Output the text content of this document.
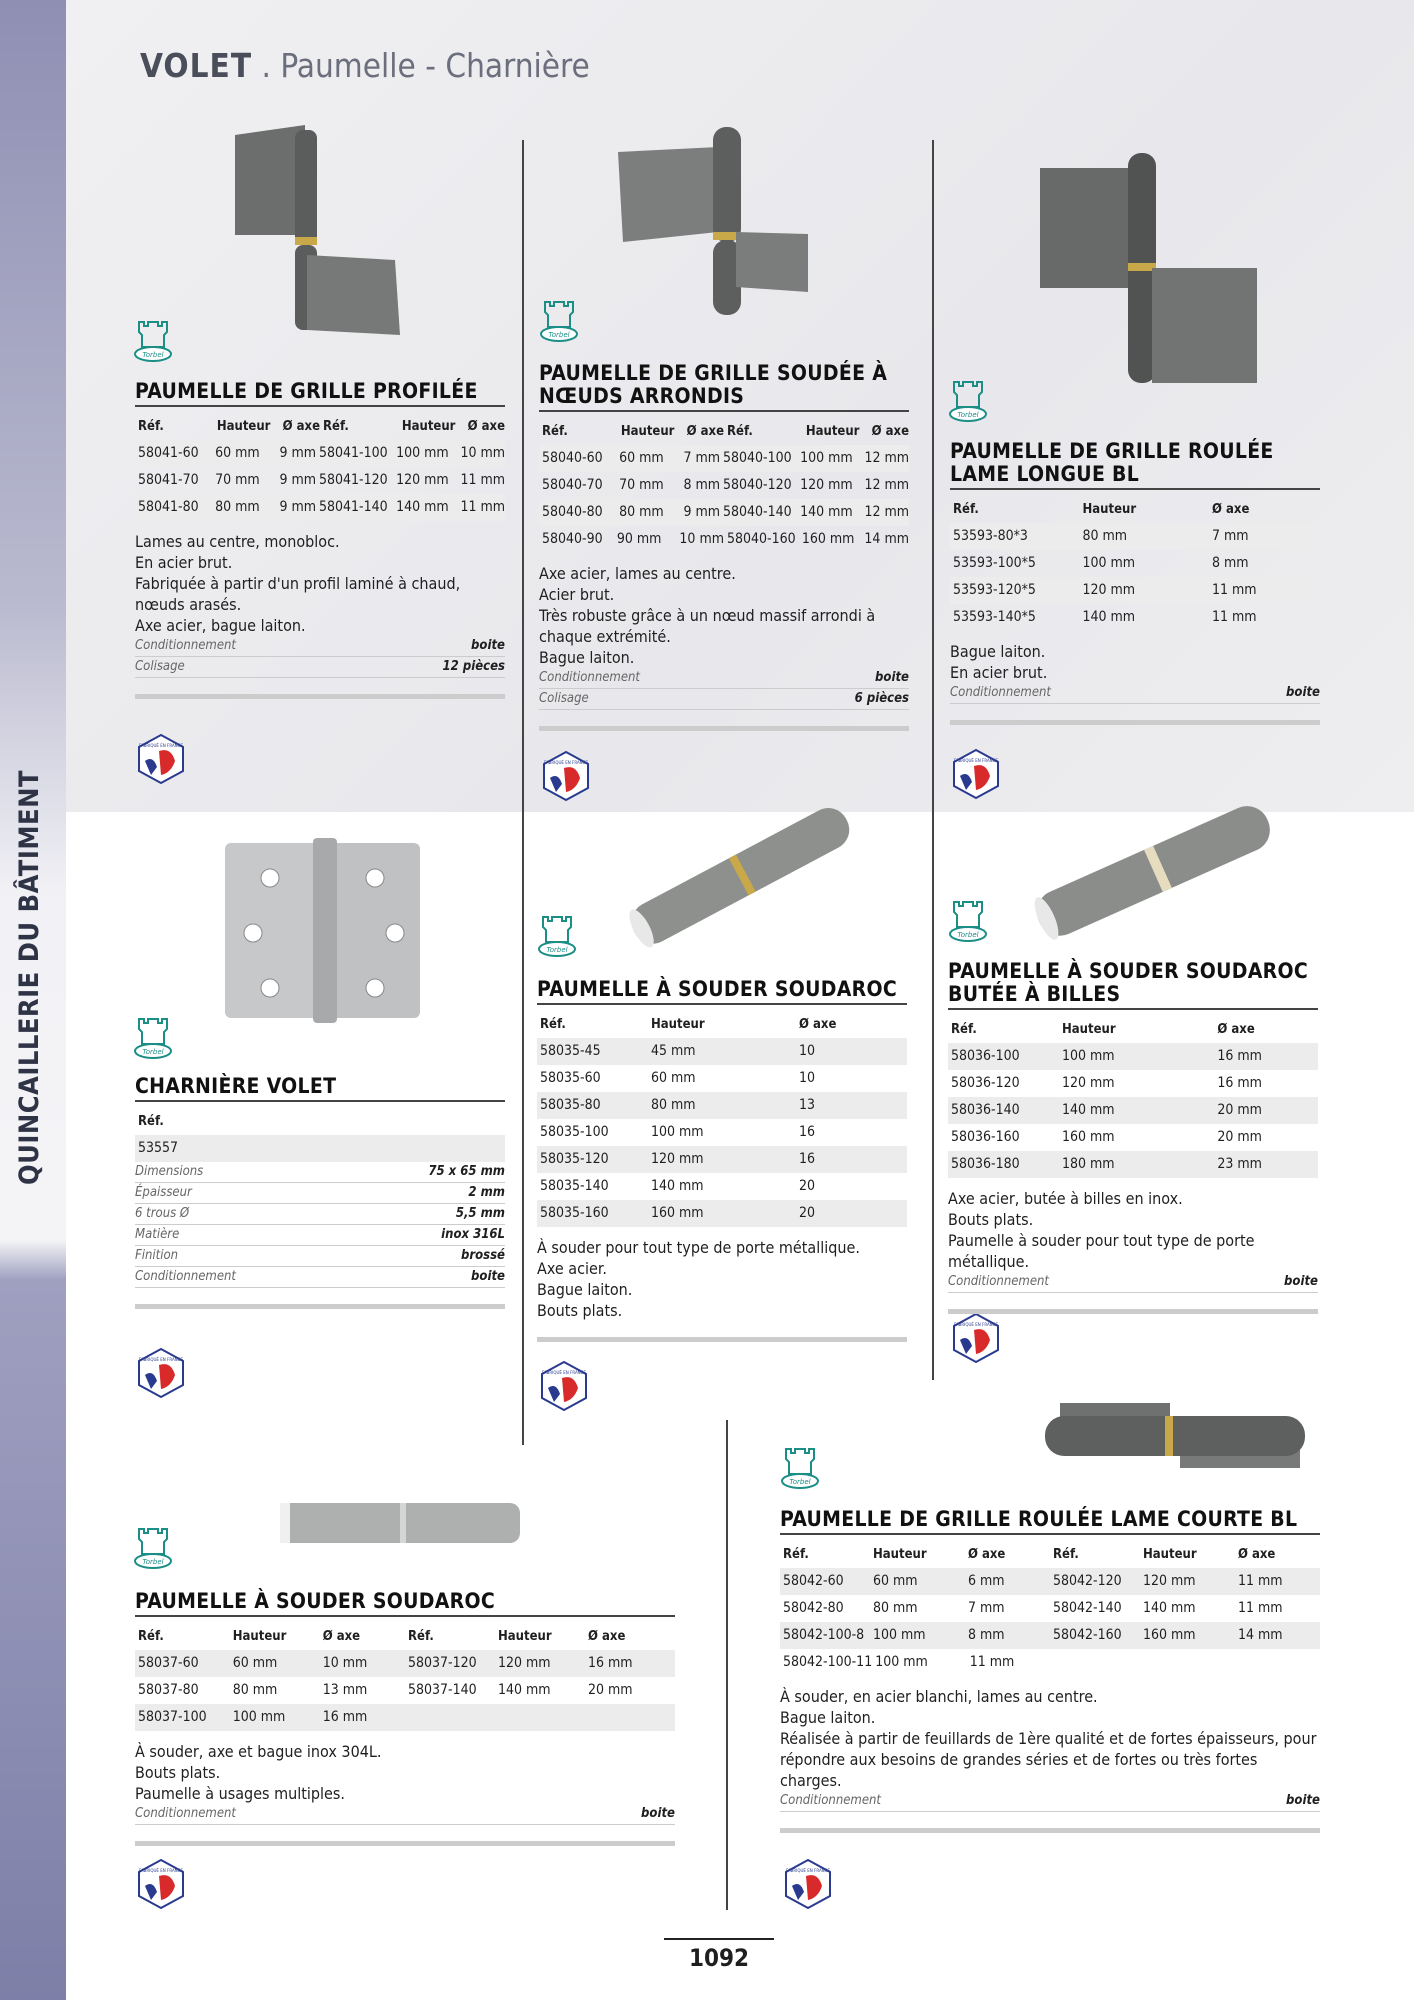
QUINCAILLERIE DU BÂTIMENT
VOLET . Paumelle - Charnière
Torbel
Torbel
Torbel
Torbel
Torbel
Torbel
Torbel
Torbel
FABRIQUÉ EN FRANCE
FABRIQUÉ EN FRANCE	FABRIQUÉ EN FRANCE
FABRIQUÉ EN FRANCE
FABRIQUÉ EN FRANCE
FABRIQUÉ EN FRANCE
FABRIQUÉ EN FRANCE	FABRIQUÉ EN FRANCE
PAUMELLE DE GRILLE PROFILÉE
Réf.	Hauteur Ø axe Réf.	Hauteur Ø axe
58041-60	60 mm	9 mm 58041-100 100 mm 10 mm
58041-70	70 mm	9 mm 58041-120 120 mm 11 mm
58041-80	80 mm	9 mm 58041-140 140 mm 11 mm
Lames au centre, monobloc.
En acier brut.
Fabriquée à partir d'un profil laminé à chaud, nœuds arasés.
Axe acier, bague laiton.
Conditionnement	boite
Colisage	12 pièces
PAUMELLE DE GRILLE SOUDÉE À NŒUDS ARRONDIS
Réf.	Hauteur Ø axe Réf.	Hauteur Ø axe
58040-60	60 mm	7 mm 58040-100 100 mm 12 mm
58040-70	70 mm	8 mm 58040-120 120 mm 12 mm
58040-80	80 mm	9 mm 58040-140 140 mm 12 mm
58040-90	90 mm	10 mm 58040-160 160 mm 14 mm
Axe acier, lames au centre.
Acier brut.
Très robuste grâce à un nœud massif arrondi à chaque extrémité.
Bague laiton.
Conditionnement	boite
Colisage	6 pièces
PAUMELLE DE GRILLE ROULÉE LAME LONGUE BL
Réf.	Hauteur	Ø axe
53593-80*3	80 mm	7 mm
53593-100*5	100 mm	8 mm
53593-120*5	120 mm	11 mm
53593-140*5	140 mm	11 mm
Bague laiton.
En acier brut.
Conditionnement	boite
CHARNIÈRE VOLET
Réf.
53557
Dimensions	75 x 65 mm
Épaisseur	2 mm
6 trous Ø	5,5 mm
Matière	inox 316L
Finition	brossé
Conditionnement	boite
PAUMELLE À SOUDER SOUDAROC
Réf.	Hauteur	Ø axe
58035-45	45 mm	10
58035-60	60 mm	10
58035-80	80 mm	13
58035-100	100 mm	16
58035-120	120 mm	16
58035-140	140 mm	20
58035-160	160 mm	20
À souder pour tout type de porte métallique.
Axe acier.
Bague laiton.
Bouts plats.
PAUMELLE À SOUDER SOUDAROC BUTÉE À BILLES
Réf.	Hauteur	Ø axe
58036-100	100 mm	16 mm
58036-120	120 mm	16 mm
58036-140	140 mm	20 mm
58036-160	160 mm	20 mm
58036-180	180 mm	23 mm
Axe acier, butée à billes en inox.
Bouts plats.
Paumelle à souder pour tout type de porte métallique.
Conditionnement	boite
PAUMELLE À SOUDER SOUDAROC
Réf.	Hauteur	Ø axe	Réf.	Hauteur	Ø axe
58037-60	60 mm	10 mm	58037-120	120 mm	16 mm
58037-80	80 mm	13 mm	58037-140	140 mm	20 mm
58037-100	100 mm	16 mm
À souder, axe et bague inox 304L.
Bouts plats.
Paumelle à usages multiples.
Conditionnement	boite
PAUMELLE DE GRILLE ROULÉE LAME COURTE BL
Réf.	Hauteur	Ø axe	Réf.	Hauteur	Ø axe
58042-60	60 mm	6 mm	58042-120	120 mm	11 mm
58042-80	80 mm	7 mm	58042-140	140 mm	11 mm
58042-100-8 100 mm	8 mm	58042-160	160 mm	14 mm
58042-100-11 100 mm	11 mm
À souder, en acier blanchi, lames au centre.
Bague laiton.
Réalisée à partir de feuillards de 1ère qualité et de fortes épaisseurs, pour répondre aux besoins de grandes séries et de fortes ou très fortes charges.
Conditionnement	boite
1092
